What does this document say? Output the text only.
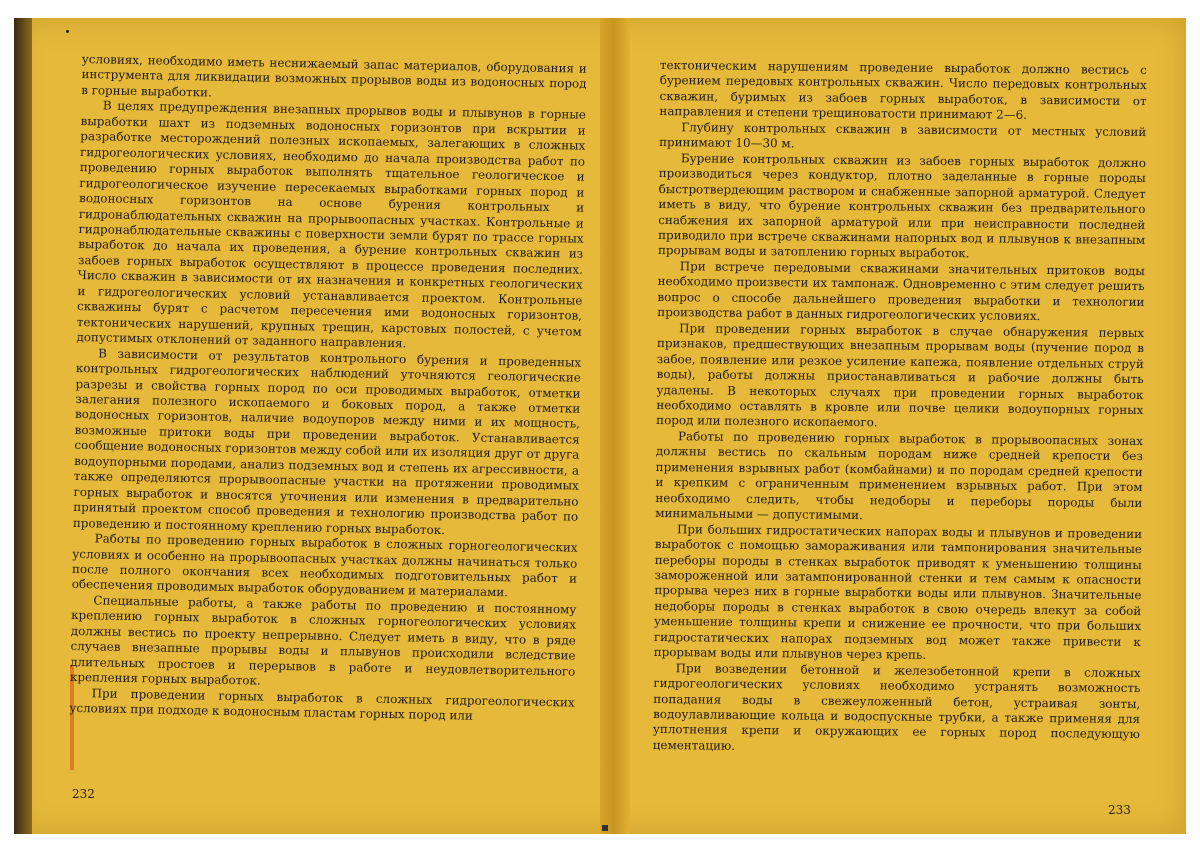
условиях, необходимо иметь неснижаемый запас материалов, оборудования и инструмента для ликвидации возможных прорывов воды из водоносных пород в горные выработки.

В целях предупреждения внезапных прорывов воды и плывунов в горные выработки шахт из подземных водоносных горизонтов при вскрытии и разработке месторождений полезных ископаемых, залегающих в сложных гидрогеологических условиях, необходимо до начала производства работ по проведению горных выработок выполнять тщательное геологическое и гидрогеологическое изучение пересекаемых выработками горных пород и водоносных горизонтов на основе бурения контрольных и гидронаблюдательных скважин на прорывоопасных участках. Контрольные и гидронаблюдательные скважины с поверхности земли бурят по трассе горных выработок до начала их проведения, а бурение контрольных скважин из забоев горных выработок осуществляют в процессе проведения последних. Число скважин в зависимости от их назначения и конкретных геологических и гидрогеологических условий устанавливается проектом. Контрольные скважины бурят с расчетом пересечения ими водоносных горизонтов, тектонических нарушений, крупных трещин, карстовых полостей, с учетом допустимых отклонений от заданного направления.

В зависимости от результатов контрольного бурения и проведенных контрольных гидрогеологических наблюдений уточняются геологические разрезы и свойства горных пород по оси проводимых выработок, отметки залегания полезного ископаемого и боковых пород, а также отметки водоносных горизонтов, наличие водоупоров между ними и их мощность, возможные притоки воды при проведении выработок. Устанавливается сообщение водоносных горизонтов между собой или их изоляция друг от друга водоупорными породами, анализ подземных вод и степень их агрессивности, а также определяются прорывоопасные участки на протяжении проводимых горных выработок и вносятся уточнения или изменения в предварительно принятый проектом способ проведения и технологию производства работ по проведению и постоянному креплению горных выработок.

Работы по проведению горных выработок в сложных горногеологических условиях и особенно на прорывоопасных участках должны начинаться только после полного окончания всех необходимых подготовительных работ и обеспечения проводимых выработок оборудованием и материалами.

Специальные работы, а также работы по проведению и постоянному креплению горных выработок в сложных горногеологических условиях должны вестись по проекту непрерывно. Следует иметь в виду, что в ряде случаев внезапные прорывы воды и плывунов происходили вследствие длительных простоев и перерывов в работе и неудовлетворительного крепления горных выработок.

При проведении горных выработок в сложных гидрогеологических условиях при подходе к водоносным пластам горных пород или

тектоническим нарушениям проведение выработок должно вестись с бурением передовых контрольных скважин. Число передовых контрольных скважин, буримых из забоев горных выработок, в зависимости от направления и степени трещиноватости принимают 2—6.

Глубину контрольных скважин в зависимости от местных условий принимают 10—30 м.

Бурение контрольных скважин из забоев горных выработок должно производиться через кондуктор, плотно заделанные в горные породы быстротвердеющим раствором и снабженные запорной арматурой. Следует иметь в виду, что бурение контрольных скважин без предварительного снабжения их запорной арматурой или при неисправности последней приводило при встрече скважинами напорных вод и плывунов к внезапным прорывам воды и затоплению горных выработок.

При встрече передовыми скважинами значительных притоков воды необходимо произвести их тампонаж. Одновременно с этим следует решить вопрос о способе дальнейшего проведения выработки и технологии производства работ в данных гидрогеологических условиях.

При проведении горных выработок в случае обнаружения первых признаков, предшествующих внезапным прорывам воды (пучение пород в забое, появление или резкое усиление капежа, появление отдельных струй воды), работы должны приостанавливаться и рабочие должны быть удалены. В некоторых случаях при проведении горных выработок необходимо оставлять в кровле или почве целики водоупорных горных пород или полезного ископаемого.

Работы по проведению горных выработок в прорывоопасных зонах должны вестись по скальным породам ниже средней крепости без применения взрывных работ (комбайнами) и по породам средней крепости и крепким с ограниченным применением взрывных работ. При этом необходимо следить, чтобы недоборы и переборы породы были минимальными — допустимыми.

При больших гидростатических напорах воды и плывунов и проведении выработок с помощью замораживания или тампонирования значительные переборы породы в стенках выработок приводят к уменьшению толщины замороженной или затампонированной стенки и тем самым к опасности прорыва через них в горные выработки воды или плывунов. Значительные недоборы породы в стенках выработок в свою очередь влекут за собой уменьшение толщины крепи и снижение ее прочности, что при больших гидростатических напорах подземных вод может также привести к прорывам воды или плывунов через крепь.

При возведении бетонной и железобетонной крепи в сложных гидрогеологических условиях необходимо устранять возможность попадания воды в свежеуложенный бетон, устраивая зонты, водоулавливающие кольца и водоспускные трубки, а также применяя для уплотнения крепи и окружающих ее горных пород последующую цементацию.

232
233
